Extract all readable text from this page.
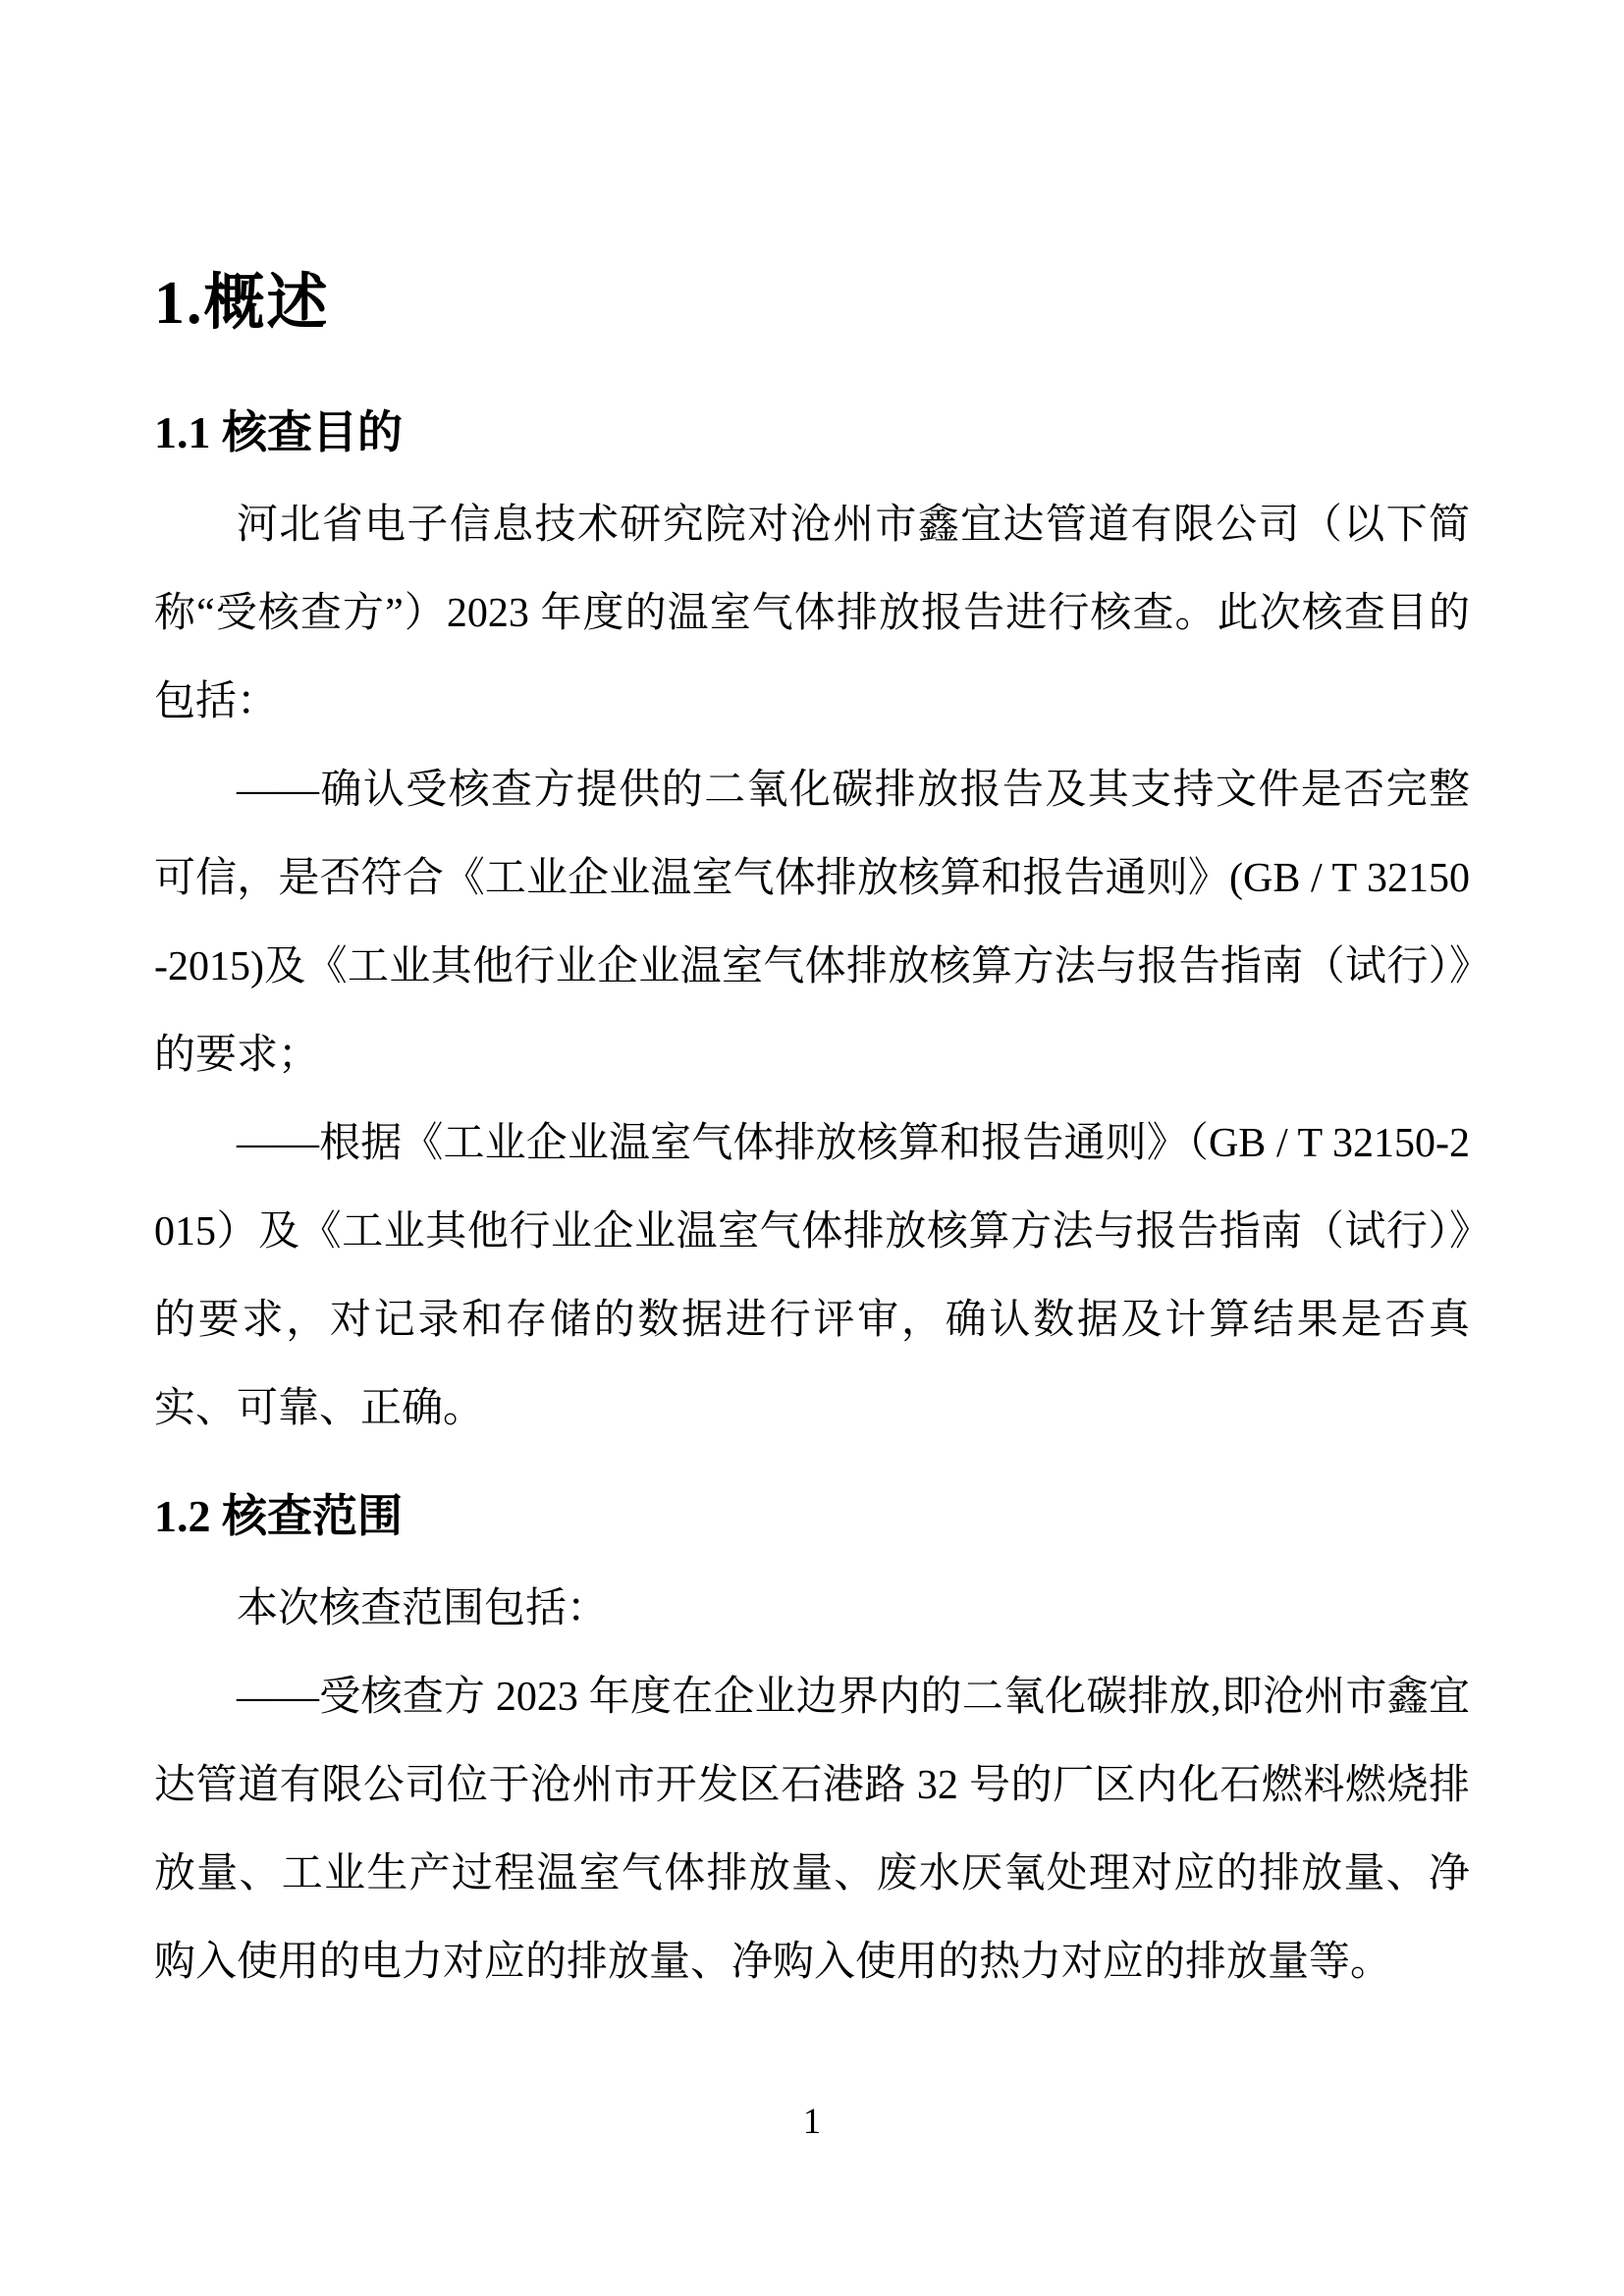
1.概述
1.1 核查目的

河北省电子信息技术研究院对沧州市鑫宜达管道有限公司（以下简称“受核查方”）2023 年度的温室气体排放报告进行核查。此次核查目的包括：

——确认受核查方提供的二氧化碳排放报告及其支持文件是否完整可信，是否符合《工业企业温室气体排放核算和报告通则》(GB / T 32150-2015)及《工业其他行业企业温室气体排放核算方法与报告指南（试行）》的要求；

——根据《工业企业温室气体排放核算和报告通则》（GB / T 32150-2015）及《工业其他行业企业温室气体排放核算方法与报告指南（试行）》的要求，对记录和存储的数据进行评审，确认数据及计算结果是否真实、可靠、正确。

1.2 核查范围

本次核查范围包括：

——受核查方 2023 年度在企业边界内的二氧化碳排放,即沧州市鑫宜达管道有限公司位于沧州市开发区石港路 32 号的厂区内化石燃料燃烧排放量、工业生产过程温室气体排放量、废水厌氧处理对应的排放量、净购入使用的电力对应的排放量、净购入使用的热力对应的排放量等。

1
